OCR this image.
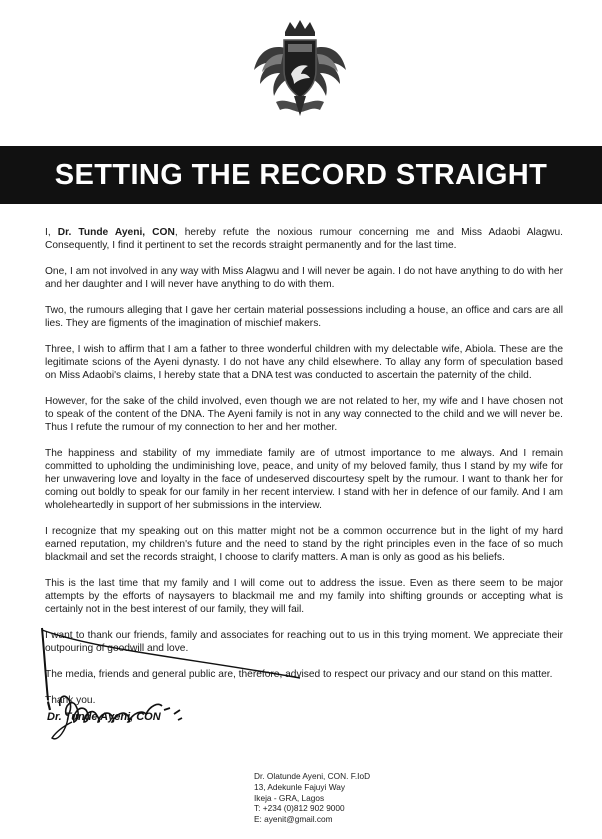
SETTING THE RECORD STRAIGHT

I, Dr. Tunde Ayeni, CON, hereby refute the noxious rumour concerning me and Miss Adaobi Alagwu. Consequently, I find it pertinent to set the records straight permanently and for the last time.

One, I am not involved in any way with Miss Alagwu and I will never be again. I do not have anything to do with her and her daughter and I will never have anything to do with them.

Two, the rumours alleging that I gave her certain material possessions including a house, an office and cars are all lies. They are figments of the imagination of mischief makers.

Three, I wish to affirm that I am a father to three wonderful children with my delectable wife, Abiola. These are the legitimate scions of the Ayeni dynasty. I do not have any child elsewhere. To allay any form of speculation based on Miss Adaobi's claims, I hereby state that a DNA test was conducted to ascertain the paternity of the child.

However, for the sake of the child involved, even though we are not related to her, my wife and I have chosen not to speak of the content of the DNA. The Ayeni family is not in any way connected to the child and we will never be. Thus I refute the rumour of my connection to her and her mother.

The happiness and stability of my immediate family are of utmost importance to me always. And I remain committed to upholding the undiminishing love, peace, and unity of my beloved family, thus I stand by my wife for her unwavering love and loyalty in the face of undeserved discourtesy spelt by the rumour. I want to thank her for coming out boldly to speak for our family in her recent interview. I stand with her in defence of our family. And I am wholeheartedly in support of her submissions in the interview.

I recognize that my speaking out on this matter might not be a common occurrence but in the light of my hard earned reputation, my children's future and the need to stand by the right principles even in the face of so much blackmail and set the records straight, I choose to clarify matters. A man is only as good as his beliefs.

This is the last time that my family and I will come out to address the issue. Even as there seem to be major attempts by the efforts of naysayers to blackmail me and my family into shifting grounds or accepting what is certainly not in the best interest of our family, they will fail.

I want to thank our friends, family and associates for reaching out to us in this trying moment. We appreciate their outpouring of goodwill and love.

The media, friends and general public are, therefore, advised to respect our privacy and our stand on this matter.

Thank you.

Dr. Tunde Ayeni, CON
Dr. Olatunde Ayeni, CON. F.IoD
13, Adekunle Fajuyi Way
Ikeja - GRA, Lagos
T: +234 (0)812 902 9000
E: ayenit@gmail.com
